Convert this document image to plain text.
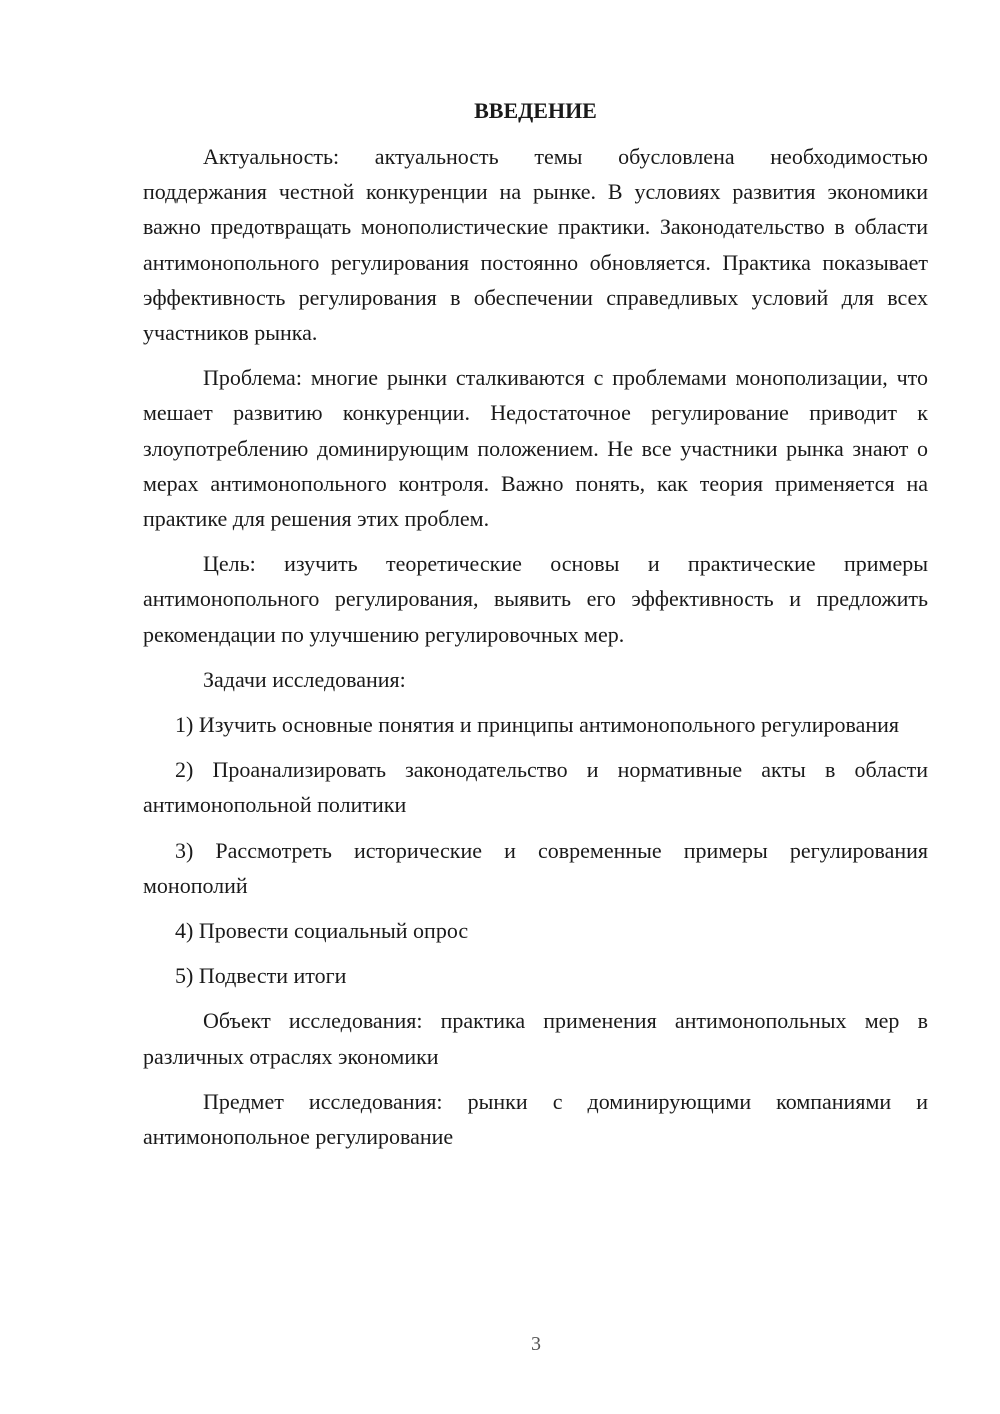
ВВЕДЕНИЕ

Актуальность: актуальность темы обусловлена необходимостью поддержания честной конкуренции на рынке. В условиях развития экономики важно предотвращать монополистические практики. Законодательство в области антимонопольного регулирования постоянно обновляется. Практика показывает эффективность регулирования в обеспечении справедливых условий для всех участников рынка.

Проблема: многие рынки сталкиваются с проблемами монополизации, что мешает развитию конкуренции. Недостаточное регулирование приводит к злоупотреблению доминирующим положением. Не все участники рынка знают о мерах антимонопольного контроля. Важно понять, как теория применяется на практике для решения этих проблем.

Цель: изучить теоретические основы и практические примеры антимонопольного регулирования, выявить его эффективность и предложить рекомендации по улучшению регулировочных мер.

Задачи исследования:

1) Изучить основные понятия и принципы антимонопольного регулирования
2) Проанализировать законодательство и нормативные акты в области антимонопольной политики
3) Рассмотреть исторические и современные примеры регулирования монополий
4) Провести социальный опрос
5) Подвести итоги

Объект исследования: практика применения антимонопольных мер в различных отраслях экономики

Предмет исследования: рынки с доминирующими компаниями и антимонопольное регулирование

3
